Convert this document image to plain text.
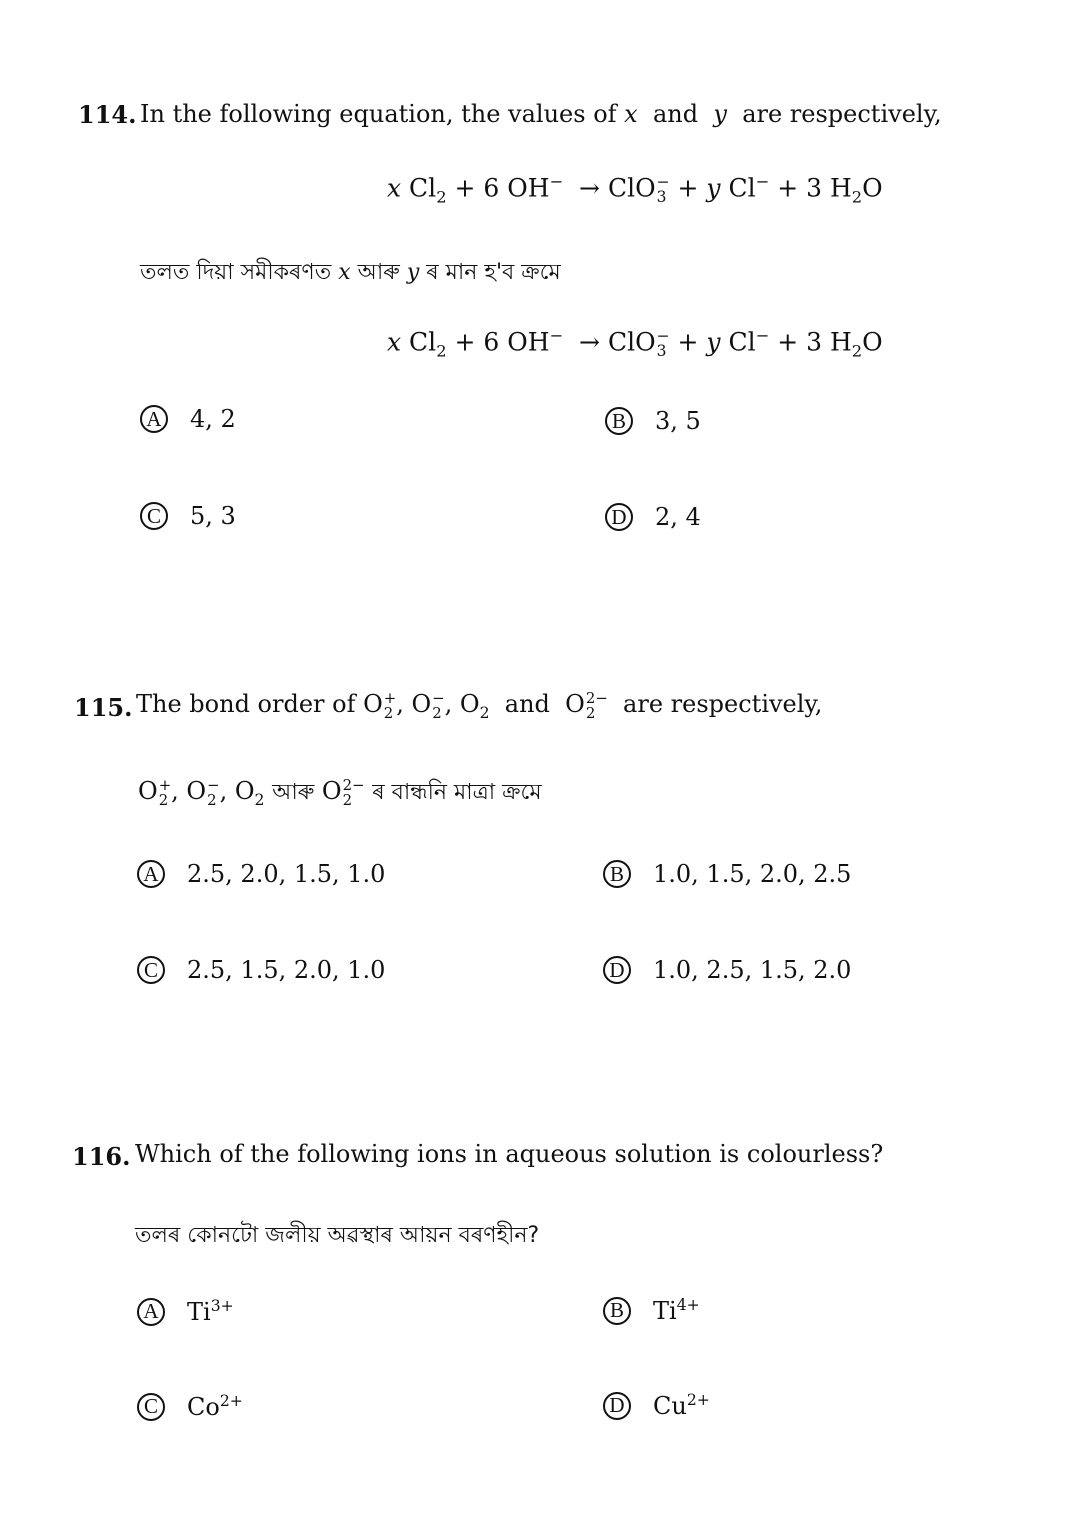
114. In the following equation, the values of x  and  y  are respectively,
x $Cl_2 + 6$ OH−  → ClO −
3 + y Cl− + 3 $H_2O$
তলত দিয়া সমীকৰণত x আৰু y ৰ মান হ'ব ক্ৰমে
x $Cl_2 + 6$ OH−  → ClO −
3 + y Cl− + 3 $H_2O$
A 4, 2	B 3, 5
C 5, 3	D 2, 4
115. The bond order of O +
2 , O −
2 , $O_2$  and  O 2−
2 are respectively,
O +
2 , O −
2 , $O_2$ আৰু O 2−
2 ৰ বান্ধনি মাত্ৰা ক্ৰমে
A 2.5, 2.0, 1.5, 1.0	B 1.0, 1.5, 2.0, 2.5
C 2.5, 1.5, 2.0, 1.0	D 1.0, 2.5, 1.5, 2.0
116. Which of the following ions in aqueous solution is colourless?
তলৰ কোনটো জলীয় অৱস্থাৰ আয়ন বৰণহীন?
A $Ti^{3+}$	B $Ti^{4+}$
C $Co^{2+}$	D $Cu^{2+}$
